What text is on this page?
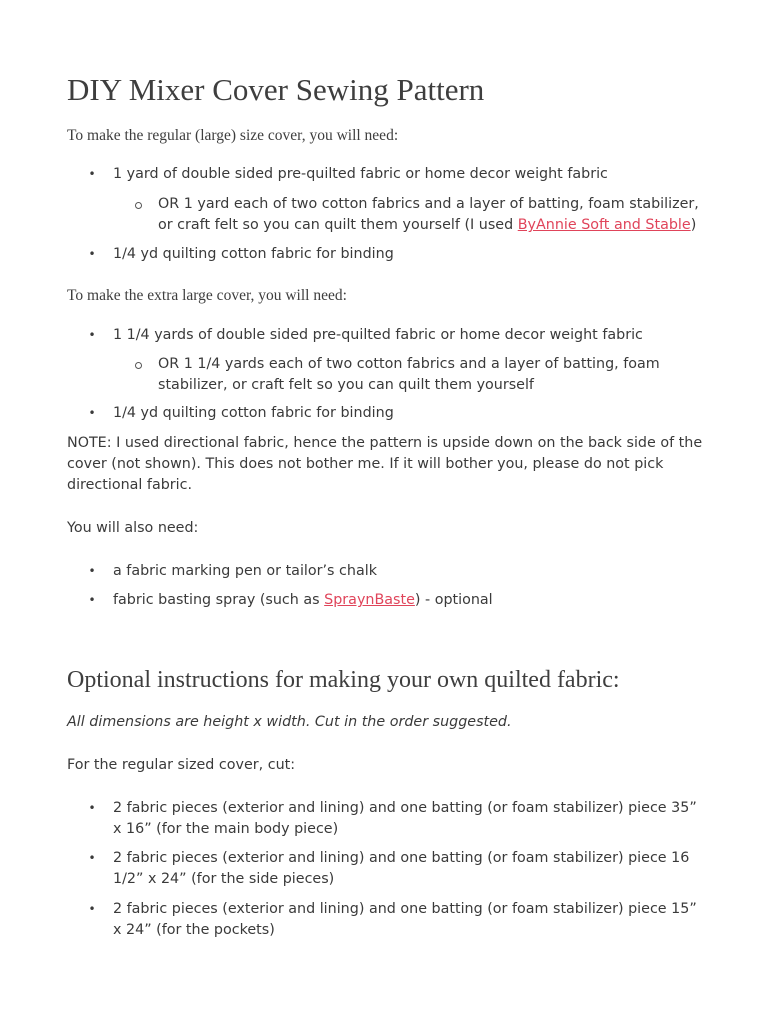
DIY Mixer Cover Sewing Pattern
To make the regular (large) size cover, you will need:
• 1 yard of double sided pre-quilted fabric or home decor weight fabric
OR 1 yard each of two cotton fabrics and a layer of batting, foam stabilizer, or craft felt so you can quilt them yourself (I used ByAnnie Soft and Stable)
• 1/4 yd quilting cotton fabric for binding
To make the extra large cover, you will need:
• 1 1/4 yards of double sided pre-quilted fabric or home decor weight fabric
OR 1 1/4 yards each of two cotton fabrics and a layer of batting, foam stabilizer, or craft felt so you can quilt them yourself
• 1/4 yd quilting cotton fabric for binding
NOTE: I used directional fabric, hence the pattern is upside down on the back side of the cover (not shown). This does not bother me. If it will bother you, please do not pick directional fabric.
You will also need:
• a fabric marking pen or tailor’s chalk
• fabric basting spray (such as SpraynBaste) - optional
Optional instructions for making your own quilted fabric:
All dimensions are height x width. Cut in the order suggested.
For the regular sized cover, cut:
• 2 fabric pieces (exterior and lining) and one batting (or foam stabilizer) piece 35” x 16” (for the main body piece)
• 2 fabric pieces (exterior and lining) and one batting (or foam stabilizer) piece 16 1/2” x 24” (for the side pieces)
• 2 fabric pieces (exterior and lining) and one batting (or foam stabilizer) piece 15” x 24” (for the pockets)
